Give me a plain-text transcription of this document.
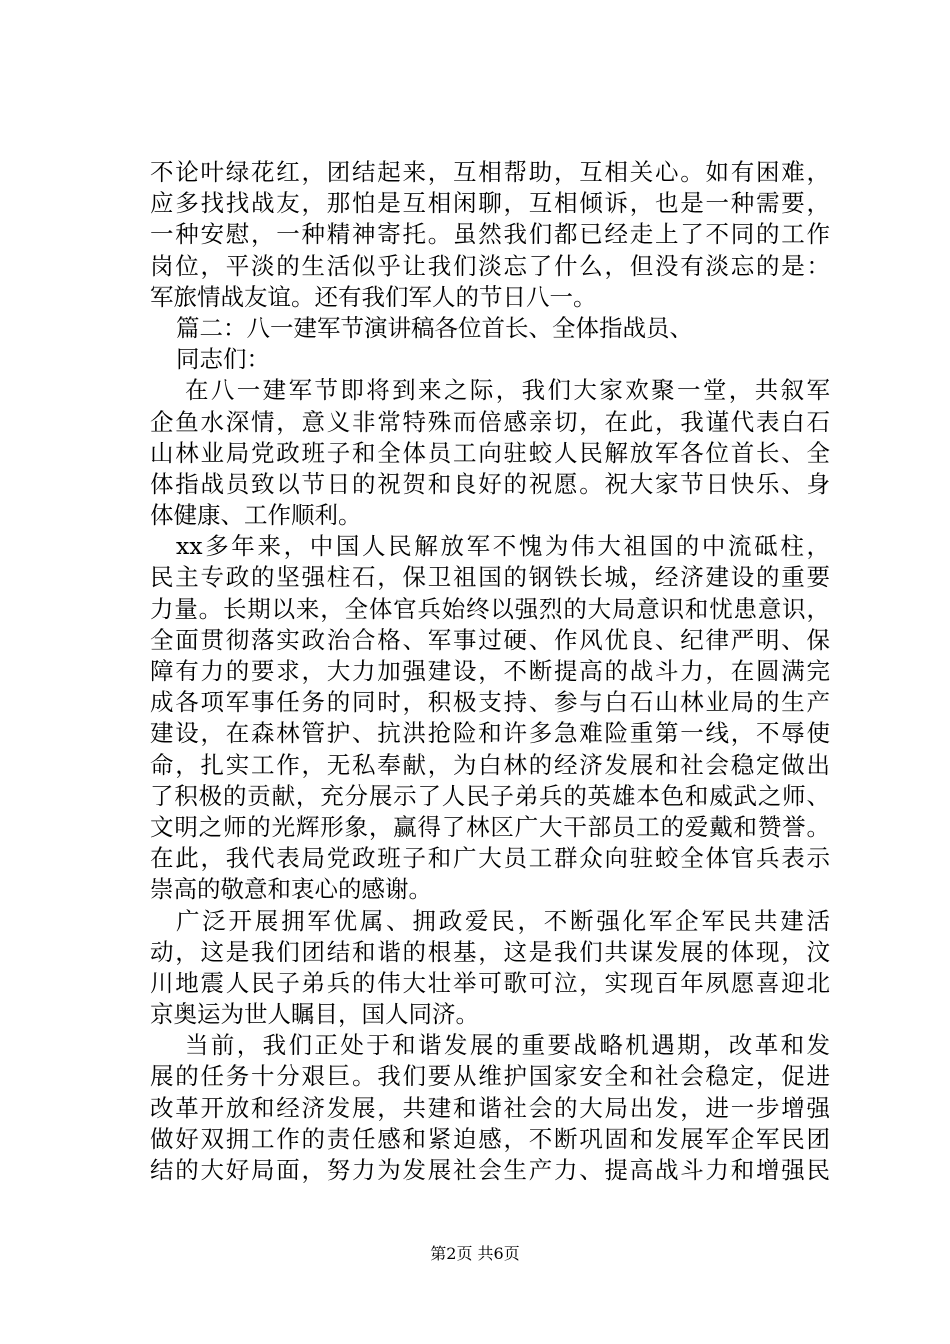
不论叶绿花红，团结起来，互相帮助，互相关心。如有困难，
应多找找战友，那怕是互相闲聊，互相倾诉，也是一种需要，
一种安慰，一种精神寄托。虽然我们都已经走上了不同的工作
岗位，平淡的生活似乎让我们淡忘了什么，但没有淡忘的是：
军旅情战友谊。还有我们军人的节日八一。
篇二：八一建军节演讲稿各位首长、全体指战员、
同志们：
在八一建军节即将到来之际，我们大家欢聚一堂，共叙军
企鱼水深情，意义非常特殊而倍感亲切，在此，我谨代表白石
山林业局党政班子和全体员工向驻蛟人民解放军各位首长、全
体指战员致以节日的祝贺和良好的祝愿。祝大家节日快乐、身
体健康、工作顺利。
xx多年来，中国人民解放军不愧为伟大祖国的中流砥柱，
民主专政的坚强柱石，保卫祖国的钢铁长城，经济建设的重要
力量。长期以来，全体官兵始终以强烈的大局意识和忧患意识，
全面贯彻落实政治合格、军事过硬、作风优良、纪律严明、保
障有力的要求，大力加强建设，不断提高的战斗力，在圆满完
成各项军事任务的同时，积极支持、参与白石山林业局的生产
建设，在森林管护、抗洪抢险和许多急难险重第一线，不辱使
命，扎实工作，无私奉献，为白林的经济发展和社会稳定做出
了积极的贡献，充分展示了人民子弟兵的英雄本色和威武之师、
文明之师的光辉形象，赢得了林区广大干部员工的爱戴和赞誉。
在此，我代表局党政班子和广大员工群众向驻蛟全体官兵表示
崇高的敬意和衷心的感谢。
广泛开展拥军优属、拥政爱民，不断强化军企军民共建活
动，这是我们团结和谐的根基，这是我们共谋发展的体现，汶
川地震人民子弟兵的伟大壮举可歌可泣，实现百年夙愿喜迎北
京奥运为世人瞩目，国人同济。
当前，我们正处于和谐发展的重要战略机遇期，改革和发
展的任务十分艰巨。我们要从维护国家安全和社会稳定，促进
改革开放和经济发展，共建和谐社会的大局出发，进一步增强
做好双拥工作的责任感和紧迫感，不断巩固和发展军企军民团
结的大好局面，努力为发展社会生产力、提高战斗力和增强民
第2页 共6页
